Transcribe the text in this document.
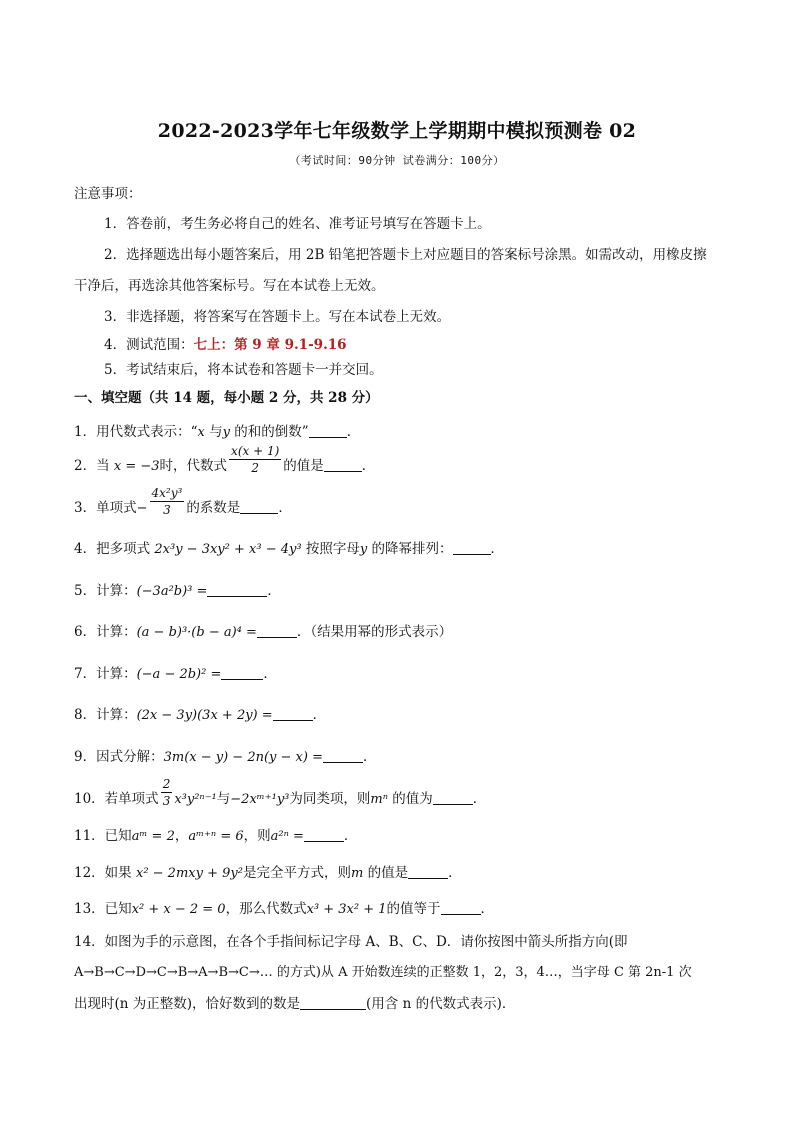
2022-2023学年七年级数学上学期期中模拟预测卷 02
（考试时间：90分钟 试卷满分：100分）
注意事项：
1．答卷前，考生务必将自己的姓名、准考证号填写在答题卡上。
2．选择题选出每小题答案后，用 2B 铅笔把答题卡上对应题目的答案标号涂黑。如需改动，用橡皮擦
干净后，再选涂其他答案标号。写在本试卷上无效。
3．非选择题，将答案写在答题卡上。写在本试卷上无效。
4．测试范围：七上：第 9 章 9.1-9.16
5．考试结束后，将本试卷和答题卡一并交回。
一、填空题（共 14 题，每小题 2 分，共 28 分）
1．用代数式表示：“x 与y 的和的倒数”	．
2．当 x = −3时，代数式 $\frac{x(x + 1)}{2}$ 的值是	．
3．单项式− $\frac{\text{4x²y³}}{3}$ 的系数是	．
4．把多项式 2x³y − 3xy² + x³ − 4y³ 按照字母y 的降幂排列：	．
5．计算：(−3a²b)³ =	．
6．计算：(a − b)³·(b − a)⁴ =	．（结果用幂的形式表示）
7．计算：(−a − 2b)² =	．
8．计算：(2x − 3y)(3x + 2y) =	．
9．因式分解：3m(x − y) − 2n(y − x) =	．
10．若单项式 $\frac{2}{3} x^3y^{2n-1}$与−2xᵐ⁺¹y³为同类项，则mⁿ 的值为	．
11．已知aᵐ = 2，aᵐ⁺ⁿ = 6，则a²ⁿ =	．
12．如果 x² − 2mxy + 9y²是完全平方式，则m 的值是	．
13．已知x² + x − 2 = 0，那么代数式x³ + 3x² + 1的值等于	．
14．如图为手的示意图，在各个手指间标记字母 A、B、C、D．请你按图中箭头所指方向(即
A→B→C→D→C→B→A→B→C→… 的方式)从 A 开始数连续的正整数 1，2，3，4…，当字母 C 第 2n-1 次
出现时(n 为正整数)，恰好数到的数是	(用含 n 的代数式表示)．
